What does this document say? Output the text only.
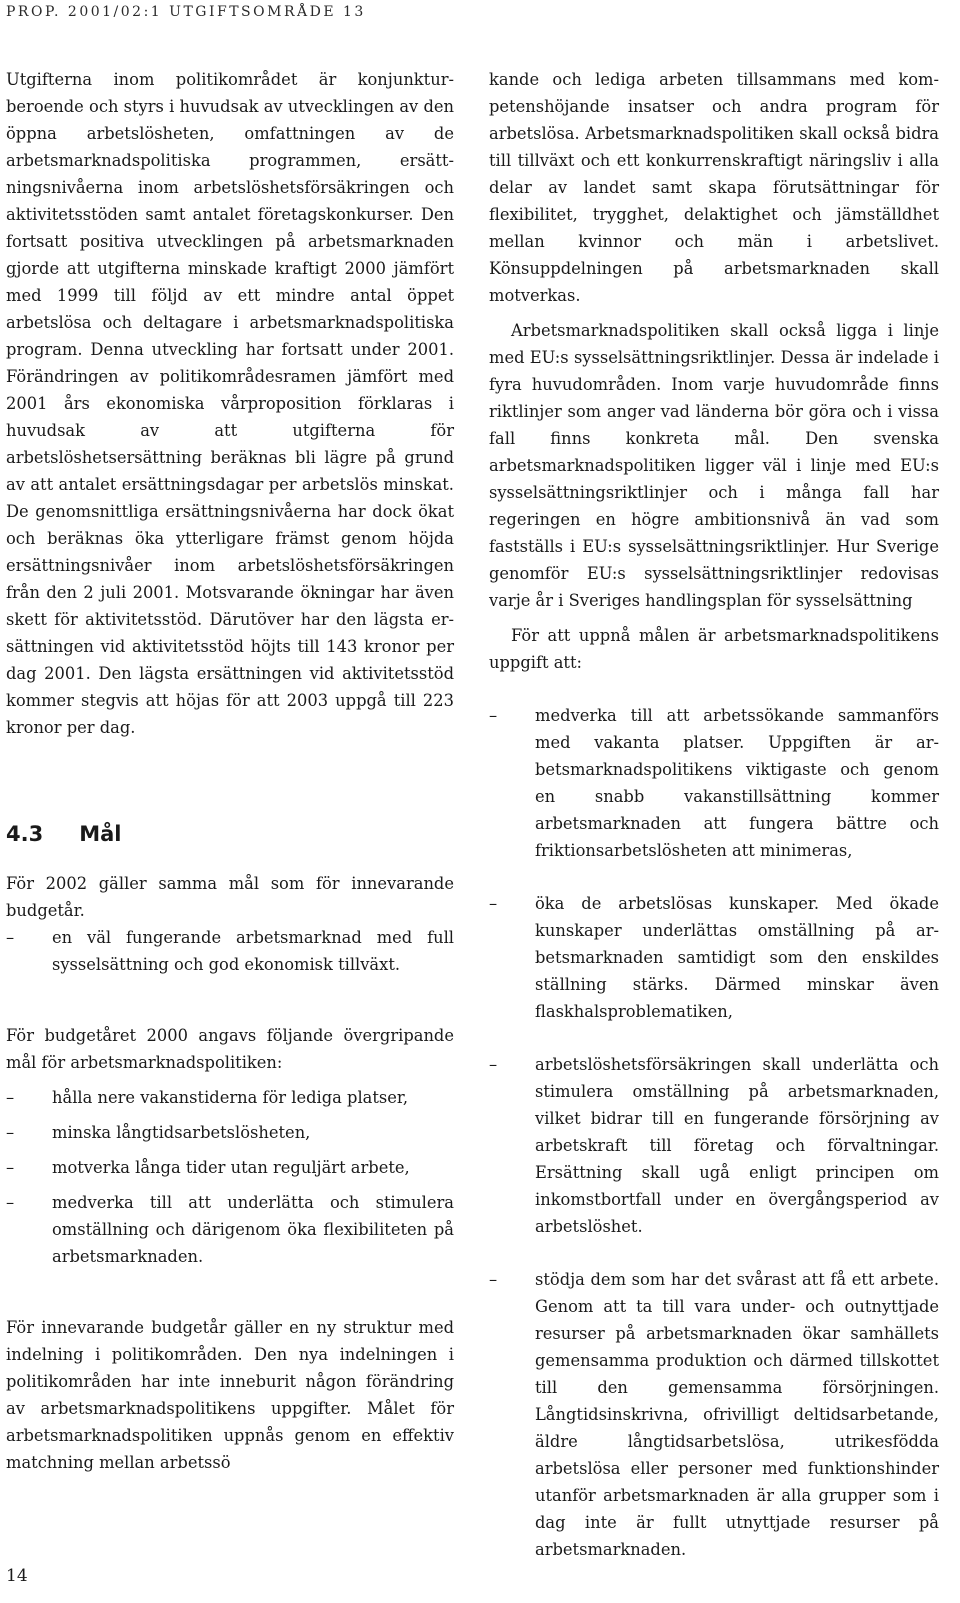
PROP. 2001/02:1 UTGIFTSOMRÅDE 13

Utgifterna inom politikområdet är konjunkturberoende och styrs i huvudsak av utvecklingen av den öppna arbetslösheten, omfattningen av de arbetsmarknadspolitiska programmen, ersättningsnivåerna inom arbetslöshetsförsäkringen och aktivitetsstöden samt antalet företagskonkurser. Den fortsatt positiva utvecklingen på arbetsmarknaden gjorde att utgifterna minskade kraftigt 2000 jämfört med 1999 till följd av ett mindre antal öppet arbetslösa och deltagare i arbetsmarknadspolitiska program. Denna utveckling har fortsatt under 2001. Förändringen av politikområdesramen jämfört med 2001 års ekonomiska vårproposition förklaras i huvudsak av att utgifterna för arbetslöshetsersättning beräknas bli lägre på grund av att antalet ersättningsdagar per arbetslös minskat. De genomsnittliga ersättningsnivåerna har dock ökat och beräknas öka ytterligare främst genom höjda ersättningsnivåer inom arbetslöshetsförsäkringen från den 2 juli 2001. Motsvarande ökningar har även skett för aktivitetsstöd. Därutöver har den lägsta ersättningen vid aktivitetsstöd höjts till 143 kronor per dag 2001. Den lägsta ersättningen vid aktivitetsstöd kommer stegvis att höjas för att 2003 uppgå till 223 kronor per dag.

4.3 Mål

För 2002 gäller samma mål som för innevarande budgetår.

– en väl fungerande arbetsmarknad med full sysselsättning och god ekonomisk tillväxt.

För budgetåret 2000 angavs följande övergripande mål för arbetsmarknadspolitiken:

– hålla nere vakanstiderna för lediga platser,
– minska långtidsarbetslösheten,
– motverka långa tider utan reguljärt arbete,
– medverka till att underlätta och stimulera omställning och därigenom öka flexibiliteten på arbetsmarknaden.

För innevarande budgetår gäller en ny struktur med indelning i politikområden. Den nya indelningen i politikområden har inte inneburit någon förändring av arbetsmarknadspolitikens uppgifter. Målet för arbetsmarknadspolitiken uppnås genom en effektiv matchning mellan arbetssö

kande och lediga arbeten tillsammans med kompetenshöjande insatser och andra program för arbetslösa. Arbetsmarknadspolitiken skall också bidra till tillväxt och ett konkurrenskraftigt näringsliv i alla delar av landet samt skapa förutsättningar för flexibilitet, trygghet, delaktighet och jämställdhet mellan kvinnor och män i arbetslivet. Könsuppdelningen på arbetsmarknaden skall motverkas.

Arbetsmarknadspolitiken skall också ligga i linje med EU:s sysselsättningsriktlinjer. Dessa är indelade i fyra huvudområden. Inom varje huvudområde finns riktlinjer som anger vad länderna bör göra och i vissa fall finns konkreta mål. Den svenska arbetsmarknadspolitiken ligger väl i linje med EU:s sysselsättningsriktlinjer och i många fall har regeringen en högre ambitionsnivå än vad som fastställs i EU:s sysselsättningsriktlinjer. Hur Sverige genomför EU:s sysselsättningsriktlinjer redovisas varje år i Sveriges handlingsplan för sysselsättning

För att uppnå målen är arbetsmarknadspolitikens uppgift att:

– medverka till att arbetssökande sammanförs med vakanta platser. Uppgiften är arbetsmarknadspolitikens viktigaste och genom en snabb vakanstillsättning kommer arbetsmarknaden att fungera bättre och friktionsarbetslösheten att minimeras,
– öka de arbetslösas kunskaper. Med ökade kunskaper underlättas omställning på arbetsmarknaden samtidigt som den enskildes ställning stärks. Därmed minskar även flaskhalsproblematiken,
– arbetslöshetsförsäkringen skall underlätta och stimulera omställning på arbetsmarknaden, vilket bidrar till en fungerande försörjning av arbetskraft till företag och förvaltningar. Ersättning skall ugå enligt principen om inkomstbortfall under en övergångsperiod av arbetslöshet.
– stödja dem som har det svårast att få ett arbete. Genom att ta till vara under- och outnyttjade resurser på arbetsmarknaden ökar samhällets gemensamma produktion och därmed tillskottet till den gemensamma försörjningen. Långtidsinskrivna, ofrivilligt deltidsarbetande, äldre långtidsarbetslösa, utrikesfödda arbetslösa eller personer med funktionshinder utanför arbetsmarknaden är alla grupper som i dag inte är fullt utnyttjade resurser på arbetsmarknaden.
14
